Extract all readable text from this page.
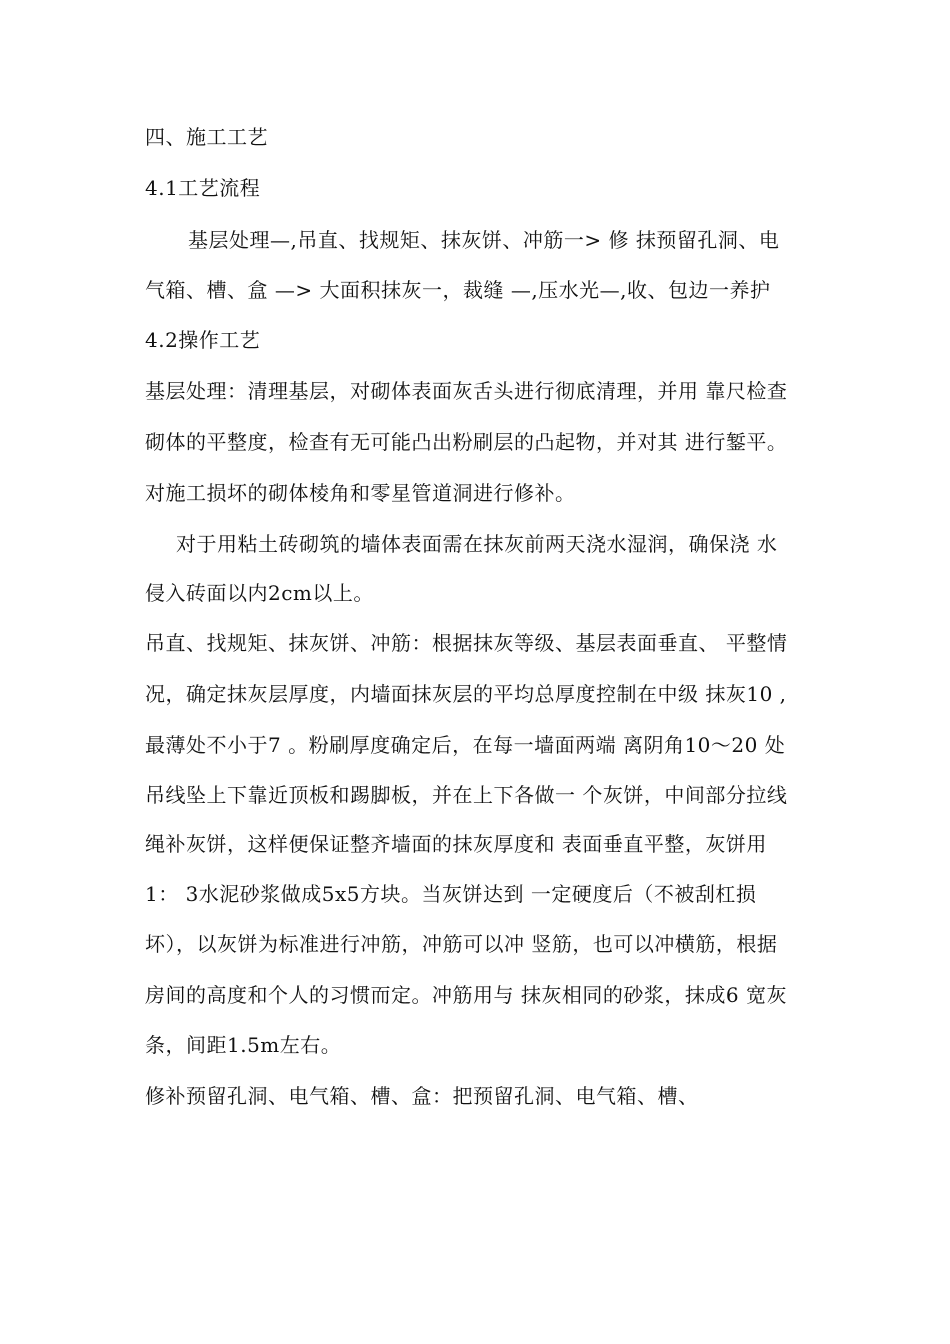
四、施工工艺
4.1工艺流程
基层处理—,吊直、找规矩、抹灰饼、冲筋一> 修 抹预留孔洞、电
气箱、槽、盒 —> 大面积抹灰一，裁缝 —,压水光—,收、包边一养护
4.2操作工艺
基层处理：清理基层，对砌体表面灰舌头进行彻底清理，并用 靠尺检查
砌体的平整度，检查有无可能凸出粉刷层的凸起物，并对其 进行錾平。
对施工损坏的砌体棱角和零星管道洞进行修补。
对于用粘土砖砌筑的墙体表面需在抹灰前两天浇水湿润，确保浇 水
侵入砖面以内2cm以上。
吊直、找规矩、抹灰饼、冲筋：根据抹灰等级、基层表面垂直、 平整情
况，确定抹灰层厚度，内墙面抹灰层的平均总厚度控制在中级 抹灰10 ,
最薄处不小于7 。粉刷厚度确定后，在每一墙面两端 离阴角10〜20 处
吊线坠上下靠近顶板和踢脚板，并在上下各做一 个灰饼，中间部分拉线
绳补灰饼，这样便保证整齐墙面的抹灰厚度和 表面垂直平整，灰饼用
1： 3水泥砂浆做成5x5方块。当灰饼达到 一定硬度后（不被刮杠损
坏），以灰饼为标准进行冲筋，冲筋可以冲 竖筋，也可以冲横筋，根据
房间的高度和个人的习惯而定。冲筋用与 抹灰相同的砂浆，抹成6 宽灰
条，间距1.5m左右。
修补预留孔洞、电气箱、槽、盒：把预留孔洞、电气箱、槽、
